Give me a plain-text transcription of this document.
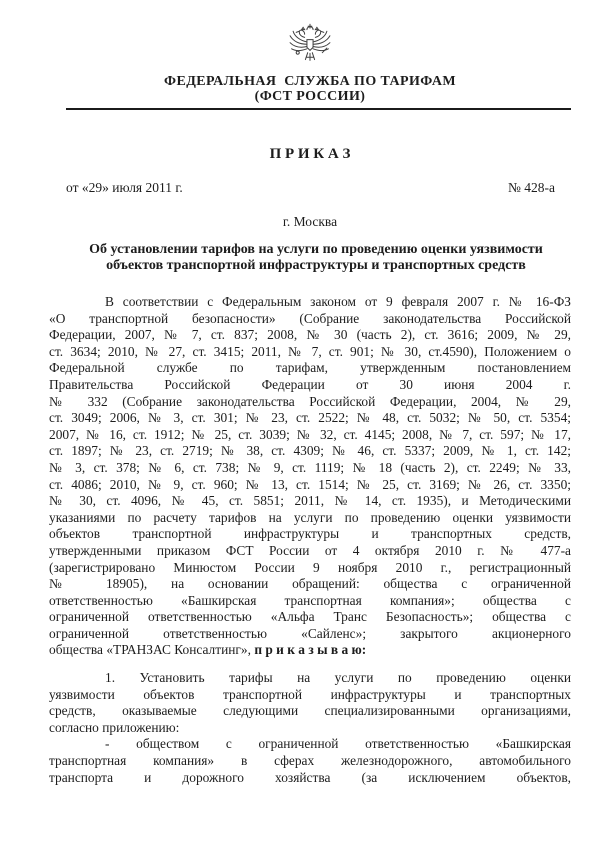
ФЕДЕРАЛЬНАЯ  СЛУЖБА ПО ТАРИФАМ
(ФСТ РОССИИ)
П Р И К А З
от «29» июля 2011 г.	№ 428-а
г. Москва
Об установлении тарифов на услуги по проведению оценки уязвимости
объектов транспортной инфраструктуры и транспортных средств
В соответствии с Федеральным законом от 9 февраля 2007 г. № 16-ФЗ
«О транспортной безопасности» (Собрание законодательства Российской
Федерации, 2007, № 7, ст. 837; 2008, № 30 (часть 2), ст. 3616; 2009, № 29,
ст. 3634; 2010, № 27, ст. 3415; 2011, № 7, ст. 901; № 30, ст.4590), Положением о
Федеральной службе по тарифам, утвержденным постановлением
Правительства Российской Федерации от 30 июня 2004 г.
№ 332 (Собрание законодательства Российской Федерации, 2004, № 29,
ст. 3049; 2006, № 3, ст. 301; № 23, ст. 2522; № 48, ст. 5032; № 50, ст. 5354;
2007, № 16, ст. 1912; № 25, ст. 3039; № 32, ст. 4145; 2008, № 7, ст. 597; № 17,
ст. 1897; № 23, ст. 2719; № 38, ст. 4309; № 46, ст. 5337; 2009, № 1, ст. 142;
№ 3, ст. 378; № 6, ст. 738; № 9, ст. 1119; № 18 (часть 2), ст. 2249; № 33,
ст. 4086; 2010, № 9, ст. 960; № 13, ст. 1514; № 25, ст. 3169; № 26, ст. 3350;
№ 30, ст. 4096, № 45, ст. 5851; 2011, № 14, ст. 1935), и Методическими
указаниями по расчету тарифов на услуги по проведению оценки уязвимости
объектов транспортной инфраструктуры и транспортных средств,
утвержденными приказом ФСТ России от 4 октября 2010 г. № 477-а
(зарегистрировано Минюстом России 9 ноября 2010 г., регистрационный
№ 18905), на основании обращений: общества с ограниченной
ответственностью «Башкирская транспортная компания»; общества с
ограниченной ответственностью «Альфа Транс Безопасность»; общества с
ограниченной ответственностью «Сайленс»; закрытого акционерного
общества «ТРАНЗАС Консалтинг», п р и к а з ы в а ю:
1. Установить тарифы на услуги по проведению оценки
уязвимости объектов транспортной инфраструктуры и транспортных
средств, оказываемые следующими специализированными организациями,
согласно приложению:
- обществом с ограниченной ответственностью «Башкирская
транспортная компания» в сферах железнодорожного, автомобильного
транспорта и дорожного хозяйства (за исключением объектов,
